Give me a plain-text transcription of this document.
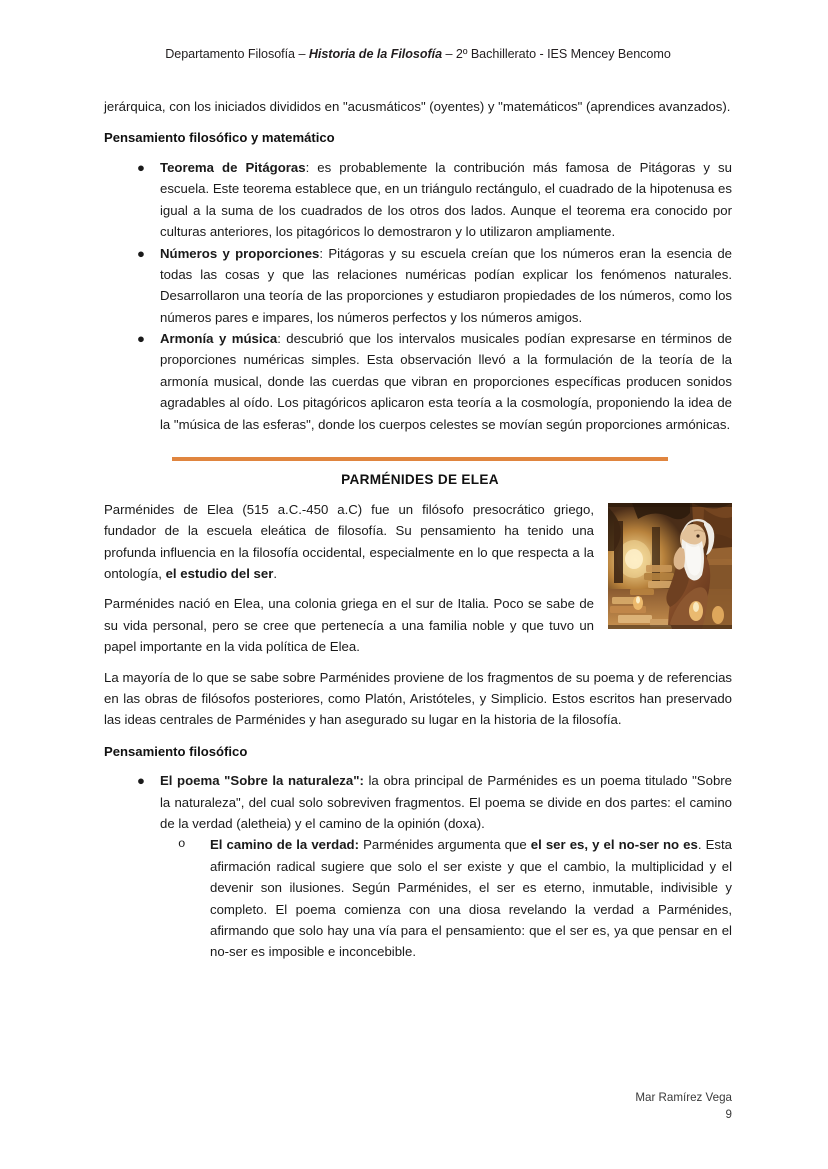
Departamento Filosofía – Historia de la Filosofía – 2º Bachillerato - IES Mencey Bencomo

jerárquica, con los iniciados divididos en "acusmáticos" (oyentes) y "matemáticos" (aprendices avanzados).

Pensamiento filosófico y matemático
● Teorema de Pitágoras: es probablemente la contribución más famosa de Pitágoras y su escuela. Este teorema establece que, en un triángulo rectángulo, el cuadrado de la hipotenusa es igual a la suma de los cuadrados de los otros dos lados. Aunque el teorema era conocido por culturas anteriores, los pitagóricos lo demostraron y lo utilizaron ampliamente.
● Números y proporciones: Pitágoras y su escuela creían que los números eran la esencia de todas las cosas y que las relaciones numéricas podían explicar los fenómenos naturales. Desarrollaron una teoría de las proporciones y estudiaron propiedades de los números, como los números pares e impares, los números perfectos y los números amigos.
● Armonía y música: descubrió que los intervalos musicales podían expresarse en términos de proporciones numéricas simples. Esta observación llevó a la formulación de la teoría de la armonía musical, donde las cuerdas que vibran en proporciones específicas producen sonidos agradables al oído. Los pitagóricos aplicaron esta teoría a la cosmología, proponiendo la idea de la "música de las esferas", donde los cuerpos celestes se movían según proporciones armónicas.
PARMÉNIDES DE ELEA

Parménides de Elea (515 a.C.-450 a.C) fue un filósofo presocrático griego, fundador de la escuela eleática de filosofía. Su pensamiento ha tenido una profunda influencia en la filosofía occidental, especialmente en lo que respecta a la ontología, el estudio del ser.

Parménides nació en Elea, una colonia griega en el sur de Italia. Poco se sabe de su vida personal, pero se cree que pertenecía a una familia noble y que tuvo un papel importante en la vida política de Elea.

La mayoría de lo que se sabe sobre Parménides proviene de los fragmentos de su poema y de referencias en las obras de filósofos posteriores, como Platón, Aristóteles, y Simplicio. Estos escritos han preservado las ideas centrales de Parménides y han asegurado su lugar en la historia de la filosofía.

Pensamiento filosófico
● El poema "Sobre la naturaleza": la obra principal de Parménides es un poema titulado "Sobre la naturaleza", del cual solo sobreviven fragmentos. El poema se divide en dos partes: el camino de la verdad (aletheia) y el camino de la opinión (doxa).
o El camino de la verdad: Parménides argumenta que el ser es, y el no-ser no es. Esta afirmación radical sugiere que solo el ser existe y que el cambio, la multiplicidad y el devenir son ilusiones. Según Parménides, el ser es eterno, inmutable, indivisible y completo. El poema comienza con una diosa revelando la verdad a Parménides, afirmando que solo hay una vía para el pensamiento: que el ser es, ya que pensar en el no-ser es imposible e inconcebible.
Mar Ramírez Vega
9
